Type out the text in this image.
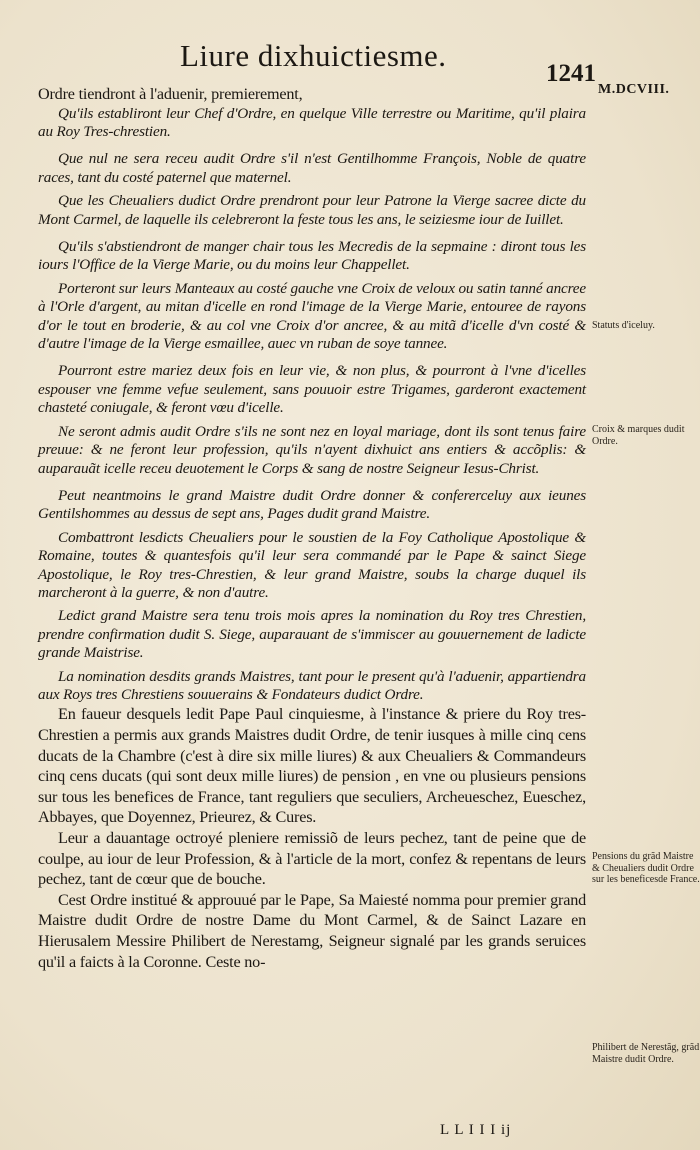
Liure dixhuictiesme.
1241
M.DCVIII.

Ordre tiendront à l'aduenir, premierement,

Qu'ils establiront leur Chef d'Ordre, en quelque Ville terrestre ou Maritime, qu'il plaira au Roy Tres-chrestien.

Que nul ne sera receu audit Ordre s'il n'est Gentilhomme François, Noble de quatre races, tant du costé paternel que maternel.

Que les Cheualiers dudict Ordre prendront pour leur Patrone la Vierge sacree dicte du Mont Carmel, de laquelle ils celebreront la feste tous les ans, le seiziesme iour de Iuillet.

Qu'ils s'abstiendront de manger chair tous les Mecredis de la sepmaine : diront tous les iours l'Office de la Vierge Marie, ou du moins leur Chappellet.

Porteront sur leurs Manteaux au costé gauche vne Croix de veloux ou satin tanné ancree à l'Orle d'argent, au mitan d'icelle en rond l'image de la Vierge Marie, entouree de rayons d'or le tout en broderie, & au col vne Croix d'or ancree, & au mitã d'icelle d'vn costé & d'autre l'image de la Vierge esmaillee, auec vn ruban de soye tannee.

Pourront estre mariez deux fois en leur vie, & non plus, & pourront à l'vne d'icelles espouser vne femme vefue seulement, sans pouuoir estre Trigames, garderont exactement chasteté coniugale, & feront vœu d'icelle.

Ne seront admis audit Ordre s'ils ne sont nez en loyal mariage, dont ils sont tenus faire preuue: & ne feront leur profession, qu'ils n'ayent dixhuict ans entiers & accõplis: & auparauãt icelle receu deuotement le Corps & sang de nostre Seigneur Iesus-Christ.

Peut neantmoins le grand Maistre dudit Ordre donner & confererceluy aux ieunes Gentilshommes au dessus de sept ans, Pages dudit grand Maistre.

Combattront lesdicts Cheualiers pour le soustien de la Foy Catholique Apostolique & Romaine, toutes & quantesfois qu'il leur sera commandé par le Pape & sainct Siege Apostolique, le Roy tres-Chrestien, & leur grand Maistre, soubs la charge duquel ils marcheront à la guerre, & non d'autre.

Ledict grand Maistre sera tenu trois mois apres la nomination du Roy tres Chrestien, prendre confirmation dudit S. Siege, auparauant de s'immiscer au gouuernement de ladicte grande Maistrise.

La nomination desdits grands Maistres, tant pour le present qu'à l'aduenir, appartiendra aux Roys tres Chrestiens souuerains & Fondateurs dudict Ordre.

En faueur desquels ledit Pape Paul cinquiesme, à l'instance & priere du Roy tres-Chrestien a permis aux grands Maistres dudit Ordre, de tenir iusques à mille cinq cens ducats de la Chambre (c'est à dire six mille liures) & aux Cheualiers & Commandeurs cinq cens ducats (qui sont deux mille liures) de pension , en vne ou plusieurs pensions sur tous les benefices de France, tant reguliers que seculiers, Archeueschez, Eueschez, Abbayes, que Doyennez, Prieurez, & Cures.

Leur a dauantage octroyé pleniere remissiõ de leurs pechez, tant de peine que de coulpe, au iour de leur Profession, & à l'article de la mort, confez & repentans de leurs pechez, tant de cœur que de bouche.

Cest Ordre institué & approuué par le Pape, Sa Maiesté nomma pour premier grand Maistre dudit Ordre de nostre Dame du Mont Carmel, & de Sainct Lazare en Hierusalem Messire Philibert de Nerestamg, Seigneur signalé par les grands seruices qu'il a faicts à la Coronne. Ceste no-

Statuts d'iceluy.
Croix & marques dudit Ordre.
Pensions du grãd Maistre & Cheualiers dudit Ordre sur les beneficesde France.
Philibert de Nerestãg, grãd Maistre dudit Ordre.
L L I I I ij
